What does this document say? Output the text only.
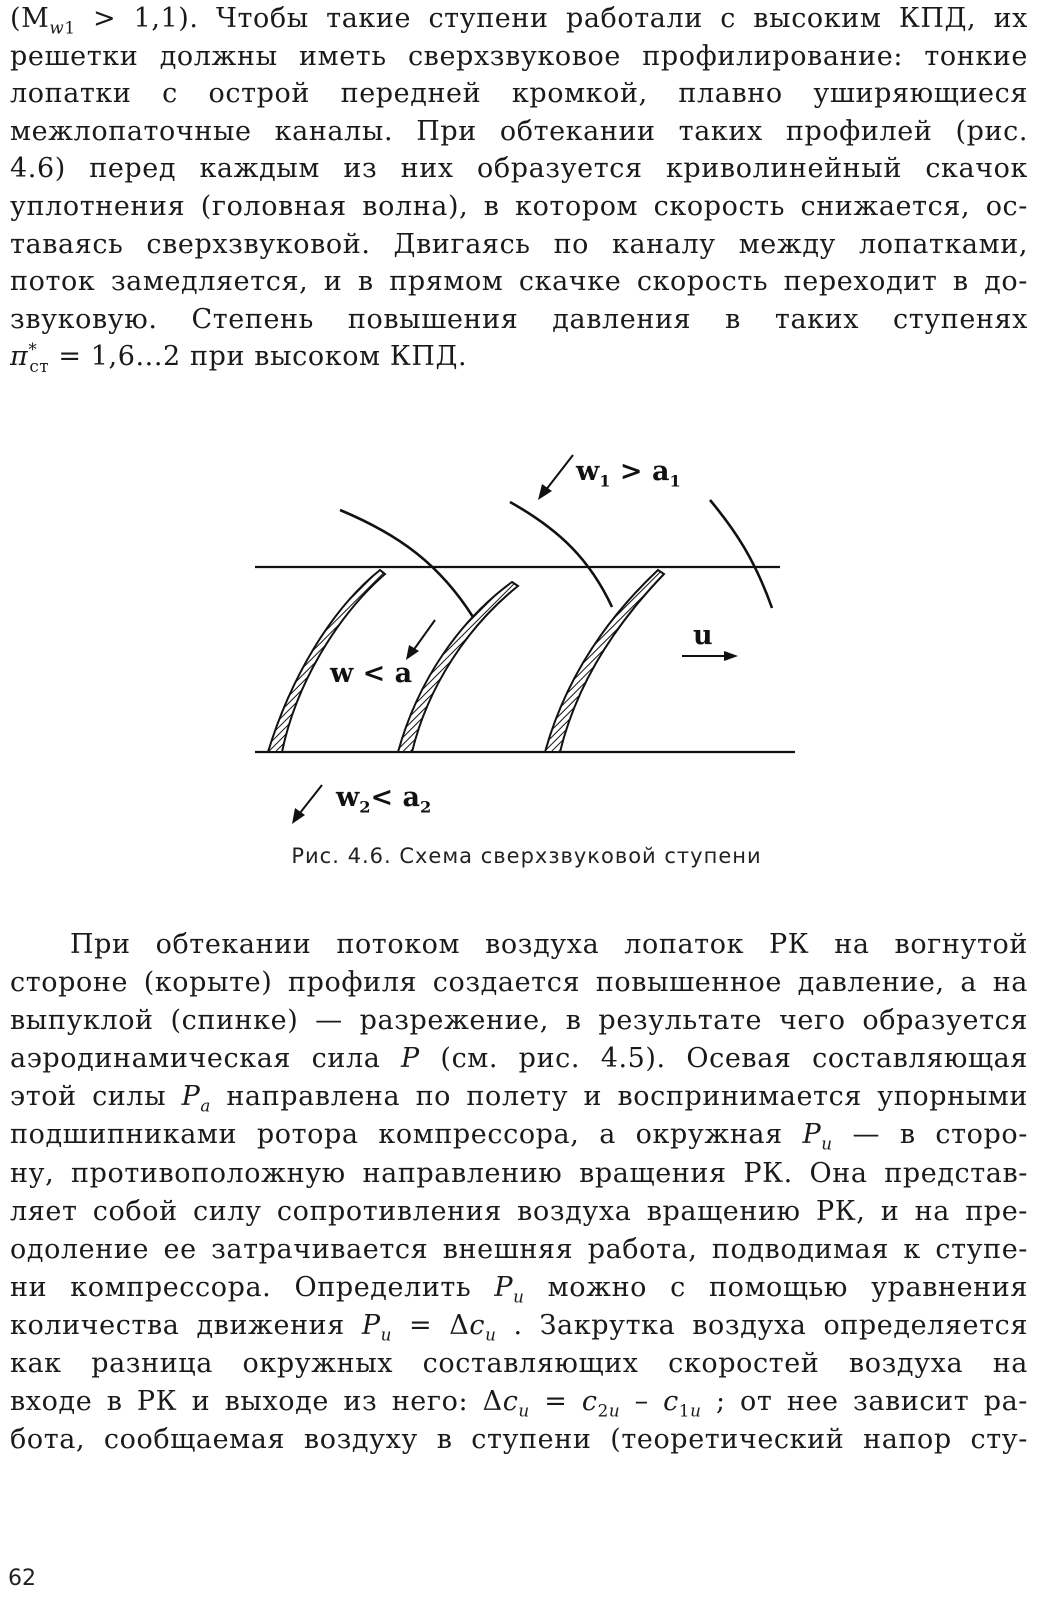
$(M_{w1} > 1,1)$. Чтобы такие ступени работали с высоким КПД, их
решетки должны иметь сверхзвуковое профилирование: тонкие
лопатки с острой передней кромкой, плавно уширяющиеся
межлопаточные каналы. При обтекании таких профилей (рис.
4.6) перед каждым из них образуется криволинейный скачок
уплотнения (головная волна), в котором скорость снижается, ос-
таваясь сверхзвуковой. Двигаясь по каналу между лопатками,
поток замедляется, и в прямом скачке скорость переходит в до-
звуковую. Степень повышения давления в таких ступенях
$\pi^*_{ст} = 1,6...2$ при высоком КПД.
$w_1 > a_1$
w < a
u
$w_2< a_2$
Рис. 4.6. Схема сверхзвуковой ступени
При обтекании потоком воздуха лопаток РК на вогнутой
стороне (корыте) профиля создается повышенное давление, а на
выпуклой (спинке) — разрежение, в результате чего образуется
аэродинамическая сила P (см. рис. 4.5). Осевая составляющая
этой силы $P_a$ направлена по полету и воспринимается упорными
подшипниками ротора компрессора, а окружная $P_u$ — в сторо-
ну, противоположную направлению вращения РК. Она представ-
ляет собой силу сопротивления воздуха вращению РК, и на пре-
одоление ее затрачивается внешняя работа, подводимая к ступе-
ни компрессора. Определить $P_u$ можно с помощью уравнения
количества движения $P_u = \Delta c_u$ . Закрутка воздуха определяется
как разница окружных составляющих скоростей воздуха на
входе в РК и выходе из него: $\Delta c_u = c_{2u} - c_{1u}$ ; от нее зависит ра-
бота, сообщаемая воздуху в ступени (теоретический напор сту-
62
